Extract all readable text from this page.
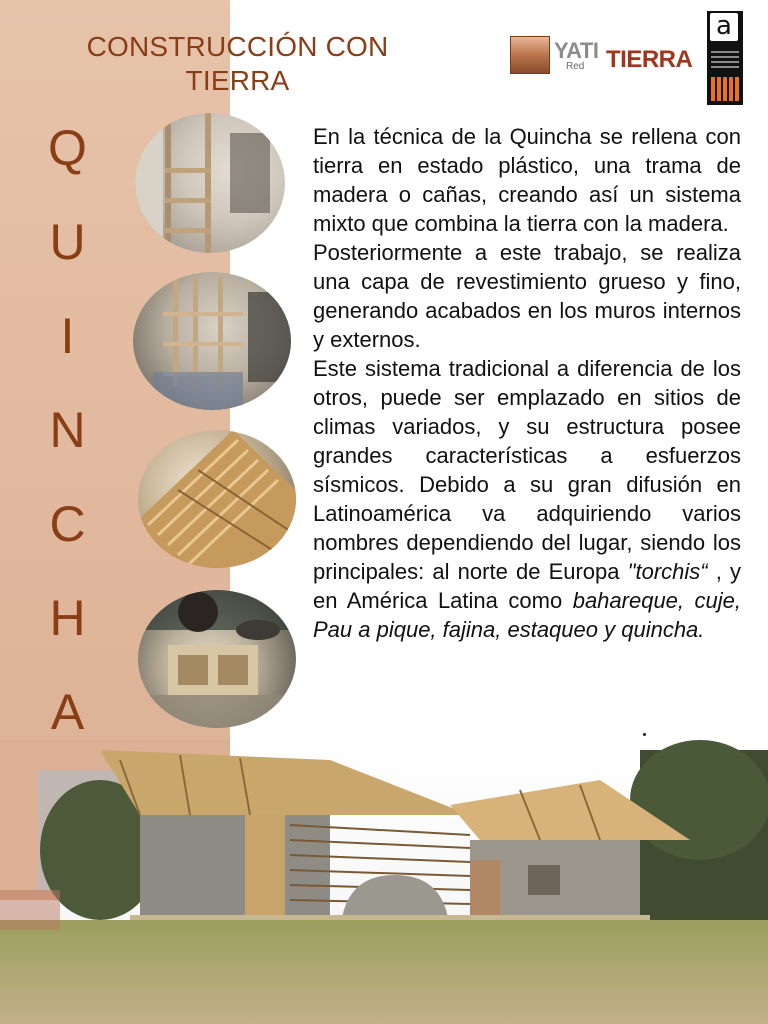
CONSTRUCCIÓN CON
TIERRA
YATI
Red TIERRA
a
Q
U
I
N
C
H
A

En la técnica de la Quincha se rellena con tierra en estado plástico, una trama de madera o cañas, creando así un sistema mixto que combina la tierra con la madera.

Posteriormente a este trabajo, se realiza una capa de revestimiento grueso y fino, generando acabados en los muros internos y externos.

Este sistema tradicional a diferencia de los otros, puede ser emplazado en sitios de climas variados, y su estructura posee grandes características a esfuerzos sísmicos. Debido a su gran difusión en Latinoamérica va adquiriendo varios nombres dependiendo del lugar, siendo los principales: al norte de Europa "torchis“ , y en América Latina como bahareque, cuje, Pau a pique, fajina, estaqueo y quincha.
